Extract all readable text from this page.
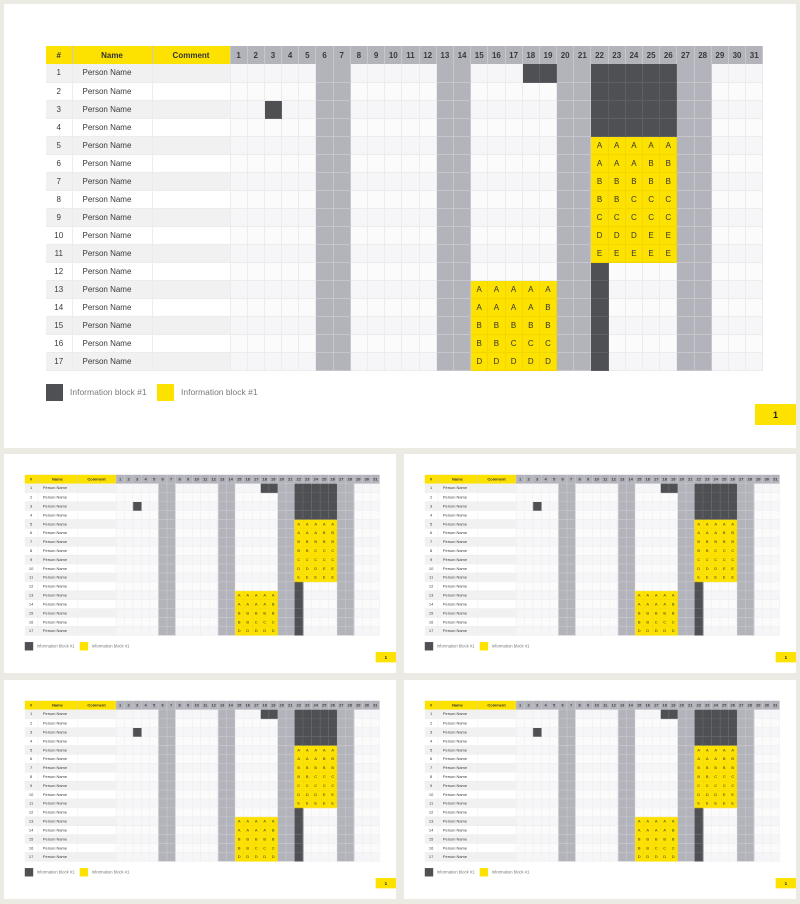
#	Name	Comment	1	2	3	4	5	6	7	8	9	10	11	12	13	14	15	16	17	18	19	20	21	22	23	24	25	26	27	28	29	30	31
1	Person Name																																
2	Person Name																																
3	Person Name																																
4	Person Name																																
5	Person Name																							A	A	A	A	A					
6	Person Name																							A	A	A	B	B					
7	Person Name																							B	B	B	B	B					
8	Person Name																							B	B	C	C	C					
9	Person Name																							C	C	C	C	C					
10	Person Name																							D	D	D	E	E					
11	Person Name																							E	E	E	E	E					
12	Person Name																																
13	Person Name																A	A	A	A	A												
14	Person Name																A	A	A	A	B												
15	Person Name																B	B	B	B	B												
16	Person Name																B	B	C	C	C												
17	Person Name																D	D	D	D	D												
Information block #1	Information block #1
1
#	Name	Comment	1	2	3	4	5	6	7	8	9	10	11	12	13	14	15	16	17	18	19	20	21	22	23	24	25	26	27	28	29	30	31
1	Person Name																																
2	Person Name																																
3	Person Name																																
4	Person Name																																
5	Person Name																							A	A	A	A	A					
6	Person Name																							A	A	A	B	B					
7	Person Name																							B	B	B	B	B					
8	Person Name																							B	B	C	C	C					
9	Person Name																							C	C	C	C	C					
10	Person Name																							D	D	D	E	E					
11	Person Name																							E	E	E	E	E					
12	Person Name																																
13	Person Name																A	A	A	A	A												
14	Person Name																A	A	A	A	B												
15	Person Name																B	B	B	B	B												
16	Person Name																B	B	C	C	C												
17	Person Name																D	D	D	D	D												
Information block #1 Information block #1
1
#	Name	Comment	1	2	3	4	5	6	7	8	9	10	11	12	13	14	15	16	17	18	19	20	21	22	23	24	25	26	27	28	29	30	31
1	Person Name																																
2	Person Name																																
3	Person Name																																
4	Person Name																																
5	Person Name																							A	A	A	A	A					
6	Person Name																							A	A	A	B	B					
7	Person Name																							B	B	B	B	B					
8	Person Name																							B	B	C	C	C					
9	Person Name																							C	C	C	C	C					
10	Person Name																							D	D	D	E	E					
11	Person Name																							E	E	E	E	E					
12	Person Name																																
13	Person Name																A	A	A	A	A												
14	Person Name																A	A	A	A	B												
15	Person Name																B	B	B	B	B												
16	Person Name																B	B	C	C	C												
17	Person Name																D	D	D	D	D												
Information block #1 Information block #1
1
#	Name	Comment	1	2	3	4	5	6	7	8	9	10	11	12	13	14	15	16	17	18	19	20	21	22	23	24	25	26	27	28	29	30	31
1	Person Name																																
2	Person Name																																
3	Person Name																																
4	Person Name																																
5	Person Name																							A	A	A	A	A					
6	Person Name																							A	A	A	B	B					
7	Person Name																							B	B	B	B	B					
8	Person Name																							B	B	C	C	C					
9	Person Name																							C	C	C	C	C					
10	Person Name																							D	D	D	E	E					
11	Person Name																							E	E	E	E	E					
12	Person Name																																
13	Person Name																A	A	A	A	A												
14	Person Name																A	A	A	A	B												
15	Person Name																B	B	B	B	B												
16	Person Name																B	B	C	C	C												
17	Person Name																D	D	D	D	D												
Information block #1 Information block #1
1
#	Name	Comment	1	2	3	4	5	6	7	8	9	10	11	12	13	14	15	16	17	18	19	20	21	22	23	24	25	26	27	28	29	30	31
1	Person Name																																
2	Person Name																																
3	Person Name																																
4	Person Name																																
5	Person Name																							A	A	A	A	A					
6	Person Name																							A	A	A	B	B					
7	Person Name																							B	B	B	B	B					
8	Person Name																							B	B	C	C	C					
9	Person Name																							C	C	C	C	C					
10	Person Name																							D	D	D	E	E					
11	Person Name																							E	E	E	E	E					
12	Person Name																																
13	Person Name																A	A	A	A	A												
14	Person Name																A	A	A	A	B												
15	Person Name																B	B	B	B	B												
16	Person Name																B	B	C	C	C												
17	Person Name																D	D	D	D	D												
Information block #1 Information block #1
1
